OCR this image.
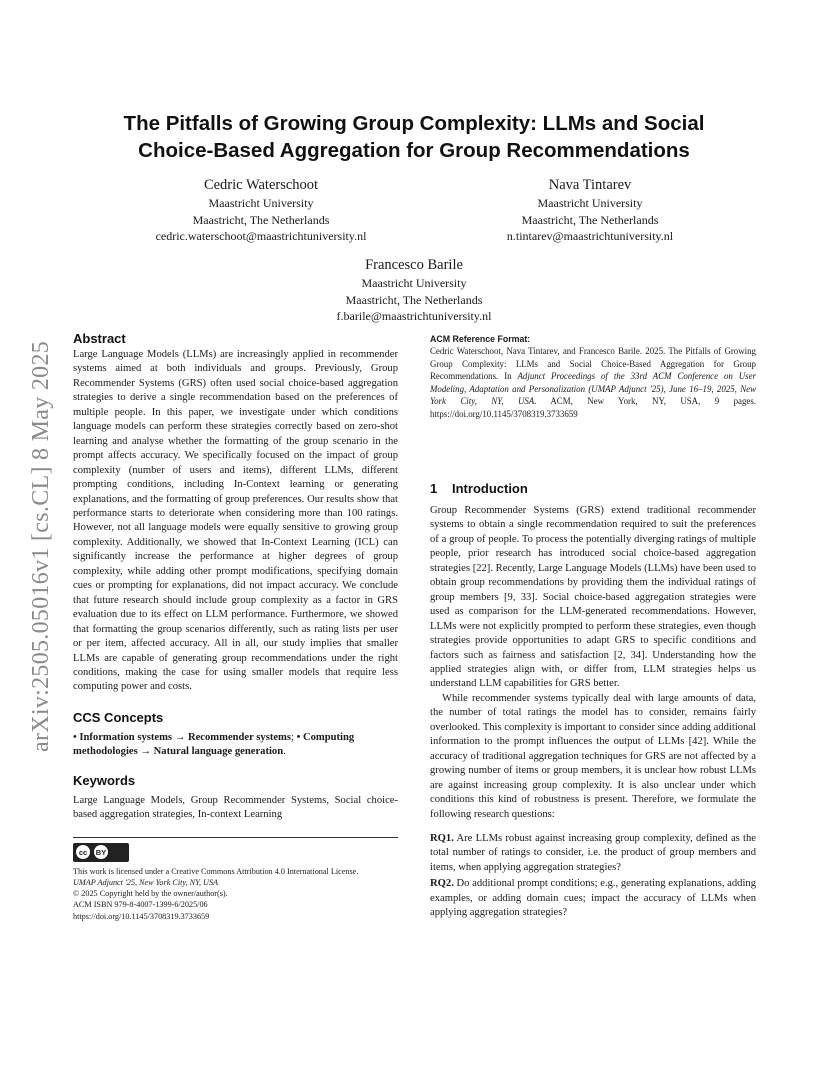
The Pitfalls of Growing Group Complexity: LLMs and Social
Choice-Based Aggregation for Group Recommendations
Cedric Waterschoot
Maastricht University
Maastricht, The Netherlands
cedric.waterschoot@maastrichtuniversity.nl
Nava Tintarev
Maastricht University
Maastricht, The Netherlands
n.tintarev@maastrichtuniversity.nl
Francesco Barile
Maastricht University
Maastricht, The Netherlands
f.barile@maastrichtuniversity.nl
arXiv:2505.05016v1 [cs.CL] 8 May 2025
Abstract

Large Language Models (LLMs) are increasingly applied in recommender systems aimed at both individuals and groups. Previously, Group Recommender Systems (GRS) often used social choice-based aggregation strategies to derive a single recommendation based on the preferences of multiple people. In this paper, we investigate under which conditions language models can perform these strategies correctly based on zero-shot learning and analyse whether the formatting of the group scenario in the prompt affects accuracy. We specifically focused on the impact of group complexity (number of users and items), different LLMs, different prompting conditions, including In-Context learning or generating explanations, and the formatting of group preferences. Our results show that performance starts to deteriorate when considering more than 100 ratings. However, not all language models were equally sensitive to growing group complexity. Additionally, we showed that In-Context Learning (ICL) can significantly increase the performance at higher degrees of group complexity, while adding other prompt modifications, specifying domain cues or prompting for explanations, did not impact accuracy. We conclude that future research should include group complexity as a factor in GRS evaluation due to its effect on LLM performance. Furthermore, we showed that formatting the group scenarios differently, such as rating lists per user or per item, affected accuracy. All in all, our study implies that smaller LLMs are capable of generating group recommendations under the right conditions, making the case for using smaller models that require less computing power and costs.

CCS Concepts
• Information systems → Recommender systems; • Computing methodologies → Natural language generation.
Keywords

Large Language Models, Group Recommender Systems, Social choice-based aggregation strategies, In-context Learning

cc	BY
This work is licensed under a Creative Commons Attribution 4.0 International License.
UMAP Adjunct '25, New York City, NY, USA
© 2025 Copyright held by the owner/author(s).
ACM ISBN 979-8-4007-1399-6/2025/06
https://doi.org/10.1145/3708319.3733659
ACM Reference Format:
Cedric Waterschoot, Nava Tintarev, and Francesco Barile. 2025. The Pitfalls of Growing Group Complexity: LLMs and Social Choice-Based Aggregation for Group Recommendations. In Adjunct Proceedings of the 33rd ACM Conference on User Modeling, Adaptation and Personalization (UMAP Adjunct '25), June 16–19, 2025, New York City, NY, USA. ACM, New York, NY, USA, 9 pages. https://doi.org/10.1145/3708319.3733659
1 Introduction

Group Recommender Systems (GRS) extend traditional recommender systems to obtain a single recommendation required to suit the preferences of a group of people. To process the potentially diverging ratings of multiple people, prior research has introduced social choice-based aggregation strategies [22]. Recently, Large Language Models (LLMs) have been used to obtain group recommendations by providing them the individual ratings of group members [9, 33]. Social choice-based aggregation strategies were used as comparison for the LLM-generated recommendations. However, LLMs were not explicitly prompted to perform these strategies, even though strategies provide opportunities to adapt GRS to specific conditions and factors such as fairness and satisfaction [2, 34]. Understanding how the applied strategies align with, or differ from, LLM strategies helps us understand LLM capabilities for GRS better.

While recommender systems typically deal with large amounts of data, the number of total ratings the model has to consider, remains fairly overlooked. This complexity is important to consider since adding additional information to the prompt influences the output of LLMs [42]. While the accuracy of traditional aggregation techniques for GRS are not affected by a growing number of items or group members, it is unclear how robust LLMs are against increasing group complexity. It is also unclear under which conditions this kind of robustness is present. Therefore, we formulate the following research questions:

RQ1. Are LLMs robust against increasing group complexity, defined as the total number of ratings to consider, i.e. the product of group members and items, when applying aggregation strategies?
RQ2. Do additional prompt conditions; e.g., generating explanations, adding examples, or adding domain cues; impact the accuracy of LLMs when applying aggregation strategies?
